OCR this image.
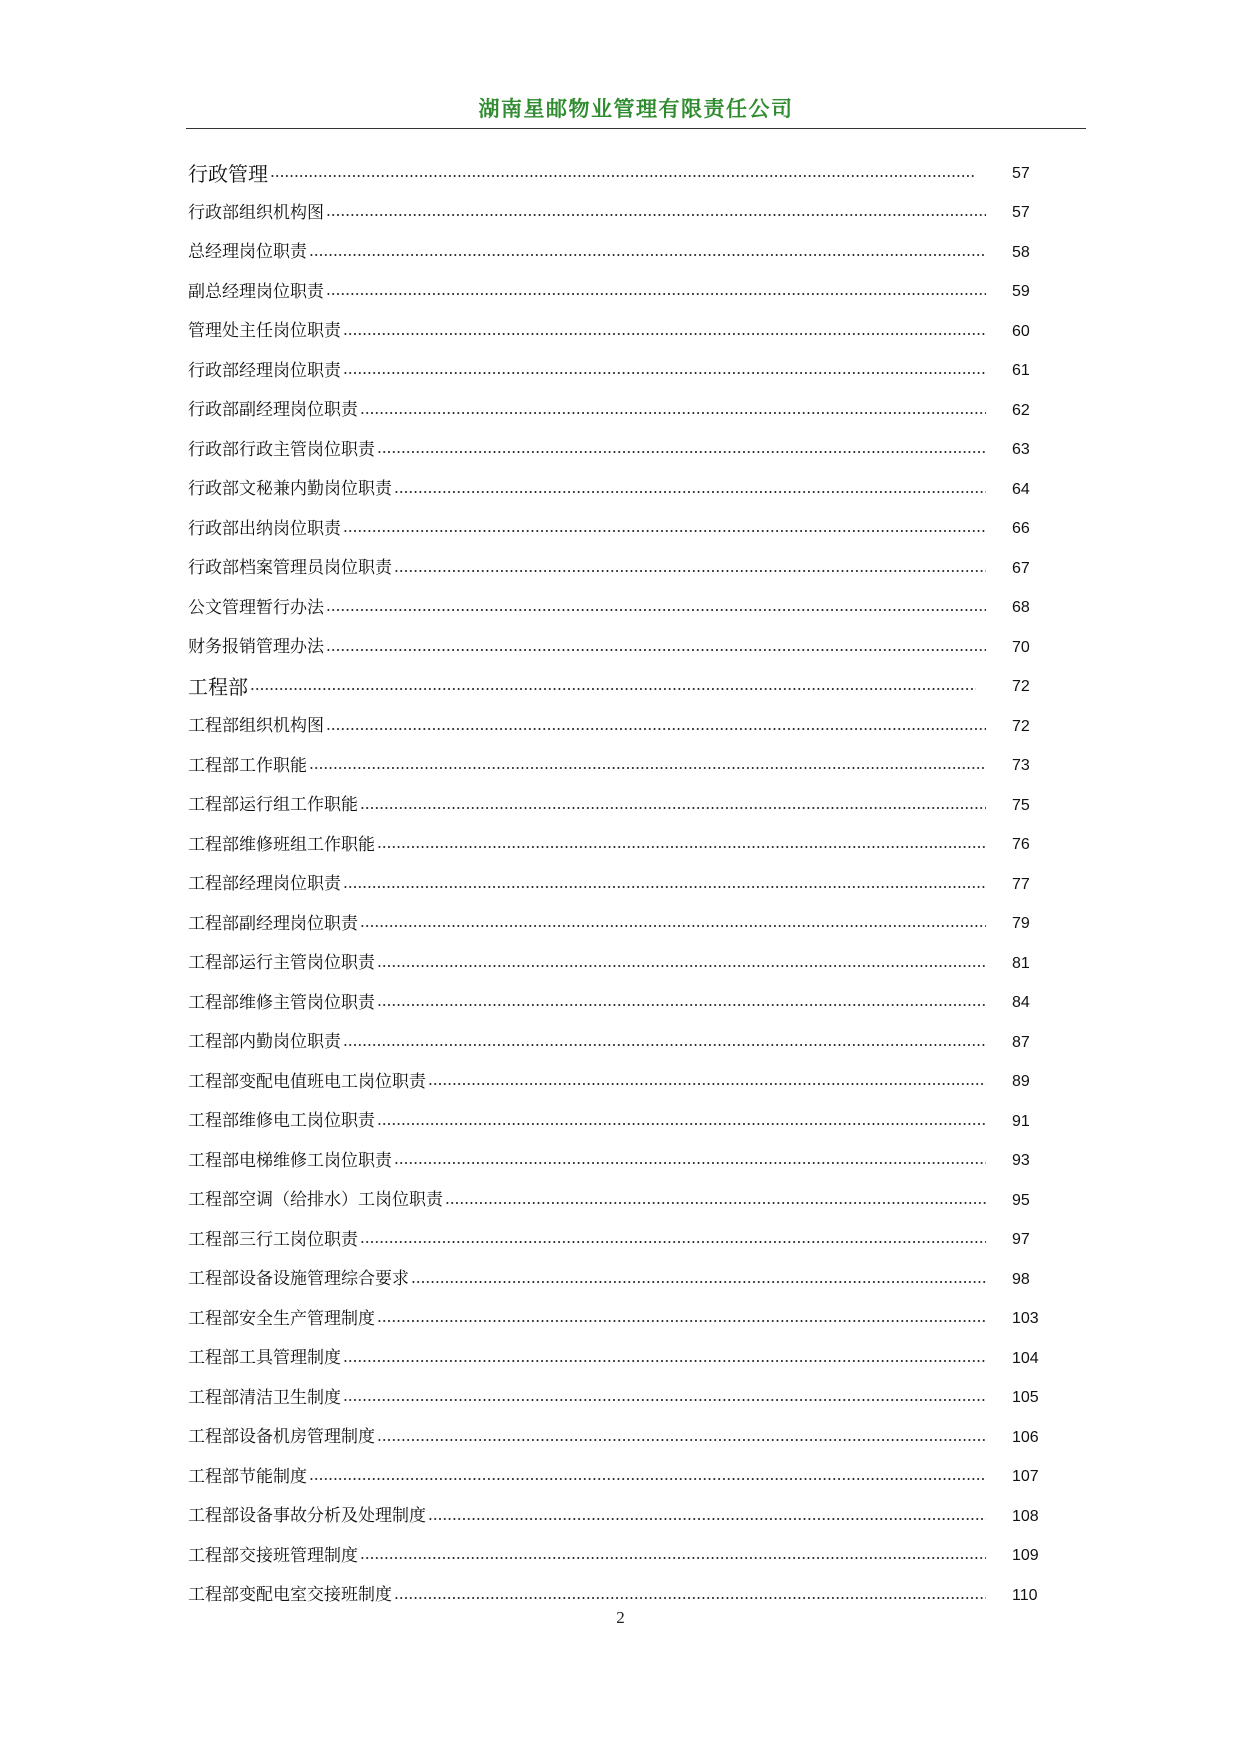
湖南星邮物业管理有限责任公司
行政管理	57
行政部组织机构图	57
总经理岗位职责	58
副总经理岗位职责	59
管理处主任岗位职责	60
行政部经理岗位职责	61
行政部副经理岗位职责	62
行政部行政主管岗位职责	63
行政部文秘兼内勤岗位职责	64
行政部出纳岗位职责	66
行政部档案管理员岗位职责	67
公文管理暂行办法	68
财务报销管理办法	70
工程部	72
工程部组织机构图	72
工程部工作职能	73
工程部运行组工作职能	75
工程部维修班组工作职能	76
工程部经理岗位职责	77
工程部副经理岗位职责	79
工程部运行主管岗位职责	81
工程部维修主管岗位职责	84
工程部内勤岗位职责	87
工程部变配电值班电工岗位职责	89
工程部维修电工岗位职责	91
工程部电梯维修工岗位职责	93
工程部空调（给排水）工岗位职责	95
工程部三行工岗位职责	97
工程部设备设施管理综合要求	98
工程部安全生产管理制度	103
工程部工具管理制度	104
工程部清洁卫生制度	105
工程部设备机房管理制度	106
工程部节能制度	107
工程部设备事故分析及处理制度	108
工程部交接班管理制度	109
工程部变配电室交接班制度	110
2
